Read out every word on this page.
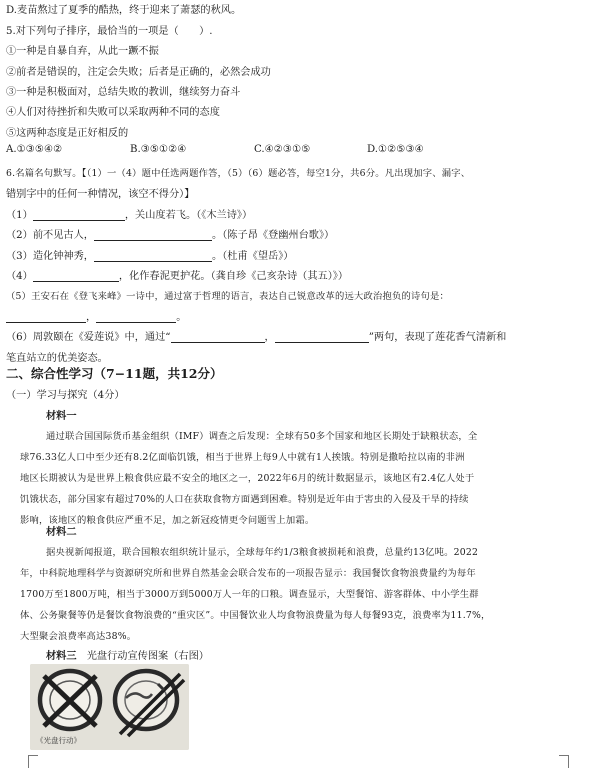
D.麦苗熬过了夏季的酷热，终于迎来了萧瑟的秋风。
5.对下列句子排序，最恰当的一项是（　　）.
①一种是自暴自弃，从此一蹶不振
②前者是错误的，注定会失败；后者是正确的，必然会成功
③一种是积极面对，总结失败的教训，继续努力奋斗
④人们对待挫折和失败可以采取两种不同的态度
⑤这两种态度是正好相反的
A.①③⑤④②	B.③⑤①②④	C.④②③①⑤	D.①②⑤③④
6.名篇名句默写。【（1）一（4）题中任选两题作答，（5）（6）题必答，每空1分，共6分。凡出现加字、漏字、
错别字中的任何一种情况，该空不得分）】
（1）	，关山度若飞。（《木兰诗》）
（2）前不见古人，	。（陈子昂《登幽州台歌》）
（3）造化钟神秀，	。（杜甫《望岳》）
（4）	，化作春泥更护花。（龚自珍《己亥杂诗（其五）》）
（5）王安石在《登飞来峰》一诗中，通过富于哲理的语言，表达自己锐意改革的远大政治抱负的诗句是：
，	。
（6）周敦颐在《爱莲说》中，通过“	，	”两句，表现了莲花香气清新和
笔直站立的优美姿态。
二、综合性学习（7−11题，共12分）
（一）学习与探究（4分）
材料一
通过联合国国际货币基金组织（IMF）调查之后发现：全球有50多个国家和地区长期处于缺粮状态，全
球76.33亿人口中至少还有8.2亿面临饥饿，相当于世界上每9人中就有1人挨饿。特别是撒哈拉以南的非洲
地区长期被认为是世界上粮食供应最不安全的地区之一，2022年6月的统计数据显示，该地区有2.4亿人处于
饥饿状态，部分国家有超过70%的人口在获取食物方面遇到困难。特别是近年由于害虫的入侵及干旱的持续
影响，该地区的粮食供应严重不足，加之新冠疫情更令问题雪上加霜。
材料二
据央视新闻报道，联合国粮农组织统计显示，全球每年约1/3粮食被损耗和浪费，总量约13亿吨。2022
年，中科院地理科学与资源研究所和世界自然基金会联合发布的一项报告显示：我国餐饮食物浪费量约为每年
1700万至1800万吨，相当于3000万到5000万人一年的口粮。调查显示，大型餐馆、游客群体、中小学生群
体、公务聚餐等仍是餐饮食物浪费的“重灾区”。中国餐饮业人均食物浪费量为每人每餐93克，浪费率为11.7%，
大型聚会浪费率高达38%。
材料三　 光盘行动宣传图案（右图）
《光盘行动》
